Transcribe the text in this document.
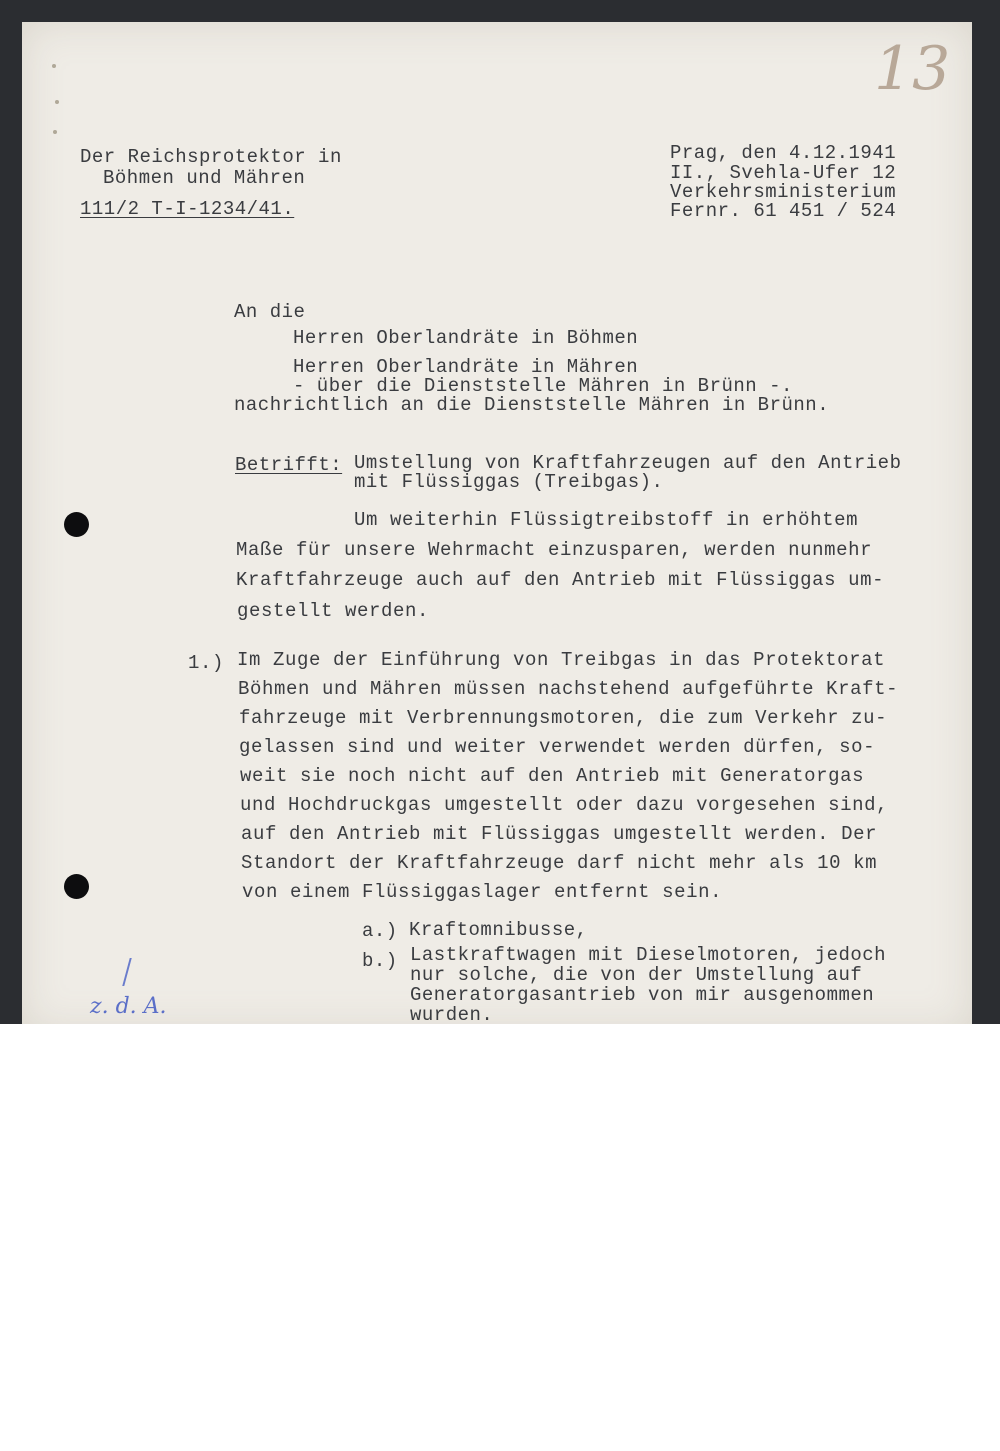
13
Der Reichsprotektor in
Böhmen und Mähren
111/2 T-I-1234/41.
Prag, den 4.12.1941
II., Svehla-Ufer 12
Verkehrsministerium
Fernr. 61 451 / 524
An die
Herren Oberlandräte in Böhmen
Herren Oberlandräte in Mähren
- über die Dienststelle Mähren in Brünn -.
nachrichtlich an die Dienststelle Mähren in Brünn.
Betrifft: Umstellung von Kraftfahrzeugen auf den Antrieb
mit Flüssiggas (Treibgas).
Um weiterhin Flüssigtreibstoff in erhöhtem
Maße für unsere Wehrmacht einzusparen, werden nunmehr
Kraftfahrzeuge auch auf den Antrieb mit Flüssiggas um-
gestellt werden.
1.) Im Zuge der Einführung von Treibgas in das Protektorat
Böhmen und Mähren müssen nachstehend aufgeführte Kraft-
fahrzeuge mit Verbrennungsmotoren, die zum Verkehr zu-
gelassen sind und weiter verwendet werden dürfen, so-
weit sie noch nicht auf den Antrieb mit Generatorgas
und Hochdruckgas umgestellt oder dazu vorgesehen sind,
auf den Antrieb mit Flüssiggas umgestellt werden. Der
Standort der Kraftfahrzeuge darf nicht mehr als 10 km
von einem Flüssiggaslager entfernt sein.
a.) Kraftomnibusse,
b.) Lastkraftwagen mit Dieselmotoren, jedoch
nur solche, die von der Umstellung auf
Generatorgasantrieb von mir ausgenommen
wurden.
z. d. A.
